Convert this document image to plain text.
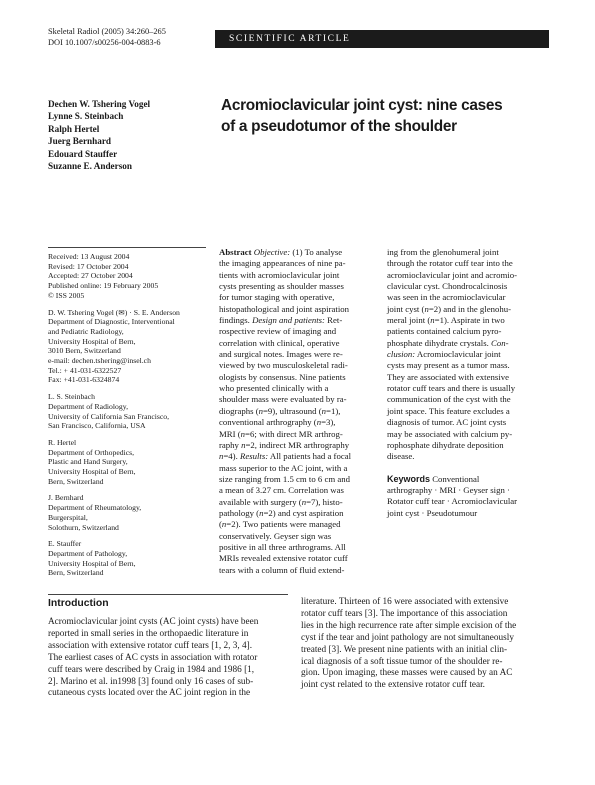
Skeletal Radiol (2005) 34:260–265
DOI 10.1007/s00256-004-0883-6	SCIENTIFIC ARTICLE
Dechen W. Tshering Vogel
Lynne S. Steinbach
Ralph Hertel
Juerg Bernhard
Edouard Stauffer
Suzanne E. Anderson
Acromioclavicular joint cyst: nine cases
of a pseudotumor of the shoulder
Received: 13 August 2004
Revised: 17 October 2004
Accepted: 27 October 2004
Published online: 19 February 2005
© ISS 2005
D. W. Tshering Vogel (✉) · S. E. Anderson
Department of Diagnostic, Interventional
and Pediatric Radiology,
University Hospital of Bern,
3010 Bern, Switzerland
e-mail: dechen.tshering@insel.ch
Tel.: + 41-031-6322527
Fax: +41-031-6324874
L. S. Steinbach
Department of Radiology,
University of California San Francisco,
San Francisco, California, USA
R. Hertel
Department of Orthopedics,
Plastic and Hand Surgery,
University Hospital of Bern,
Bern, Switzerland
J. Bernhard
Department of Rheumatology,
Burgerspital,
Solothurn, Switzerland
E. Stauffer
Department of Pathology,
University Hospital of Bern,
Bern, Switzerland
Abstract Objective: (1) To analyse
the imaging appearances of nine pa-
tients with acromioclavicular joint
cysts presenting as shoulder masses
for tumor staging with operative,
histopathological and joint aspiration
findings. Design and patients: Ret-
rospective review of imaging and
correlation with clinical, operative
and surgical notes. Images were re-
viewed by two musculoskeletal radi-
ologists by consensus. Nine patients
who presented clinically with a
shoulder mass were evaluated by ra-
diographs (n=9), ultrasound (n=1),
conventional arthrography (n=3),
MRI (n=6; with direct MR arthrog-
raphy n=2, indirect MR arthrography
n=4). Results: All patients had a focal
mass superior to the AC joint, with a
size ranging from 1.5 cm to 6 cm and
a mean of 3.27 cm. Correlation was
available with surgery (n=7), histo-
pathology (n=2) and cyst aspiration
(n=2). Two patients were managed
conservatively. Geyser sign was
positive in all three arthrograms. All
MRIs revealed extensive rotator cuff
tears with a column of fluid extend-
ing from the glenohumeral joint
through the rotator cuff tear into the
acromioclavicular joint and acromio-
clavicular cyst. Chondrocalcinosis
was seen in the acromioclavicular
joint cyst (n=2) and in the glenohu-
meral joint (n=1). Aspirate in two
patients contained calcium pyro-
phosphate dihydrate crystals. Con-
clusion: Acromioclavicular joint
cysts may present as a tumor mass.
They are associated with extensive
rotator cuff tears and there is usually
communication of the cyst with the
joint space. This feature excludes a
diagnosis of tumor. AC joint cysts
may be associated with calcium py-
rophosphate dihydrate deposition
disease.
Keywords Conventional
arthrography · MRI · Geyser sign ·
Rotator cuff tear · Acromioclavicular
joint cyst · Pseudotumour
Introduction
Acromioclavicular joint cysts (AC joint cysts) have been
reported in small series in the orthopaedic literature in
association with extensive rotator cuff tears [1, 2, 3, 4].
The earliest cases of AC cysts in association with rotator
cuff tears were described by Craig in 1984 and 1986 [1,
2]. Marino et al. in1998 [3] found only 16 cases of sub-
cutaneous cysts located over the AC joint region in the
literature. Thirteen of 16 were associated with extensive
rotator cuff tears [3]. The importance of this association
lies in the high recurrence rate after simple excision of the
cyst if the tear and joint pathology are not simultaneously
treated [3]. We present nine patients with an initial clin-
ical diagnosis of a soft tissue tumor of the shoulder re-
gion. Upon imaging, these masses were caused by an AC
joint cyst related to the extensive rotator cuff tear.
